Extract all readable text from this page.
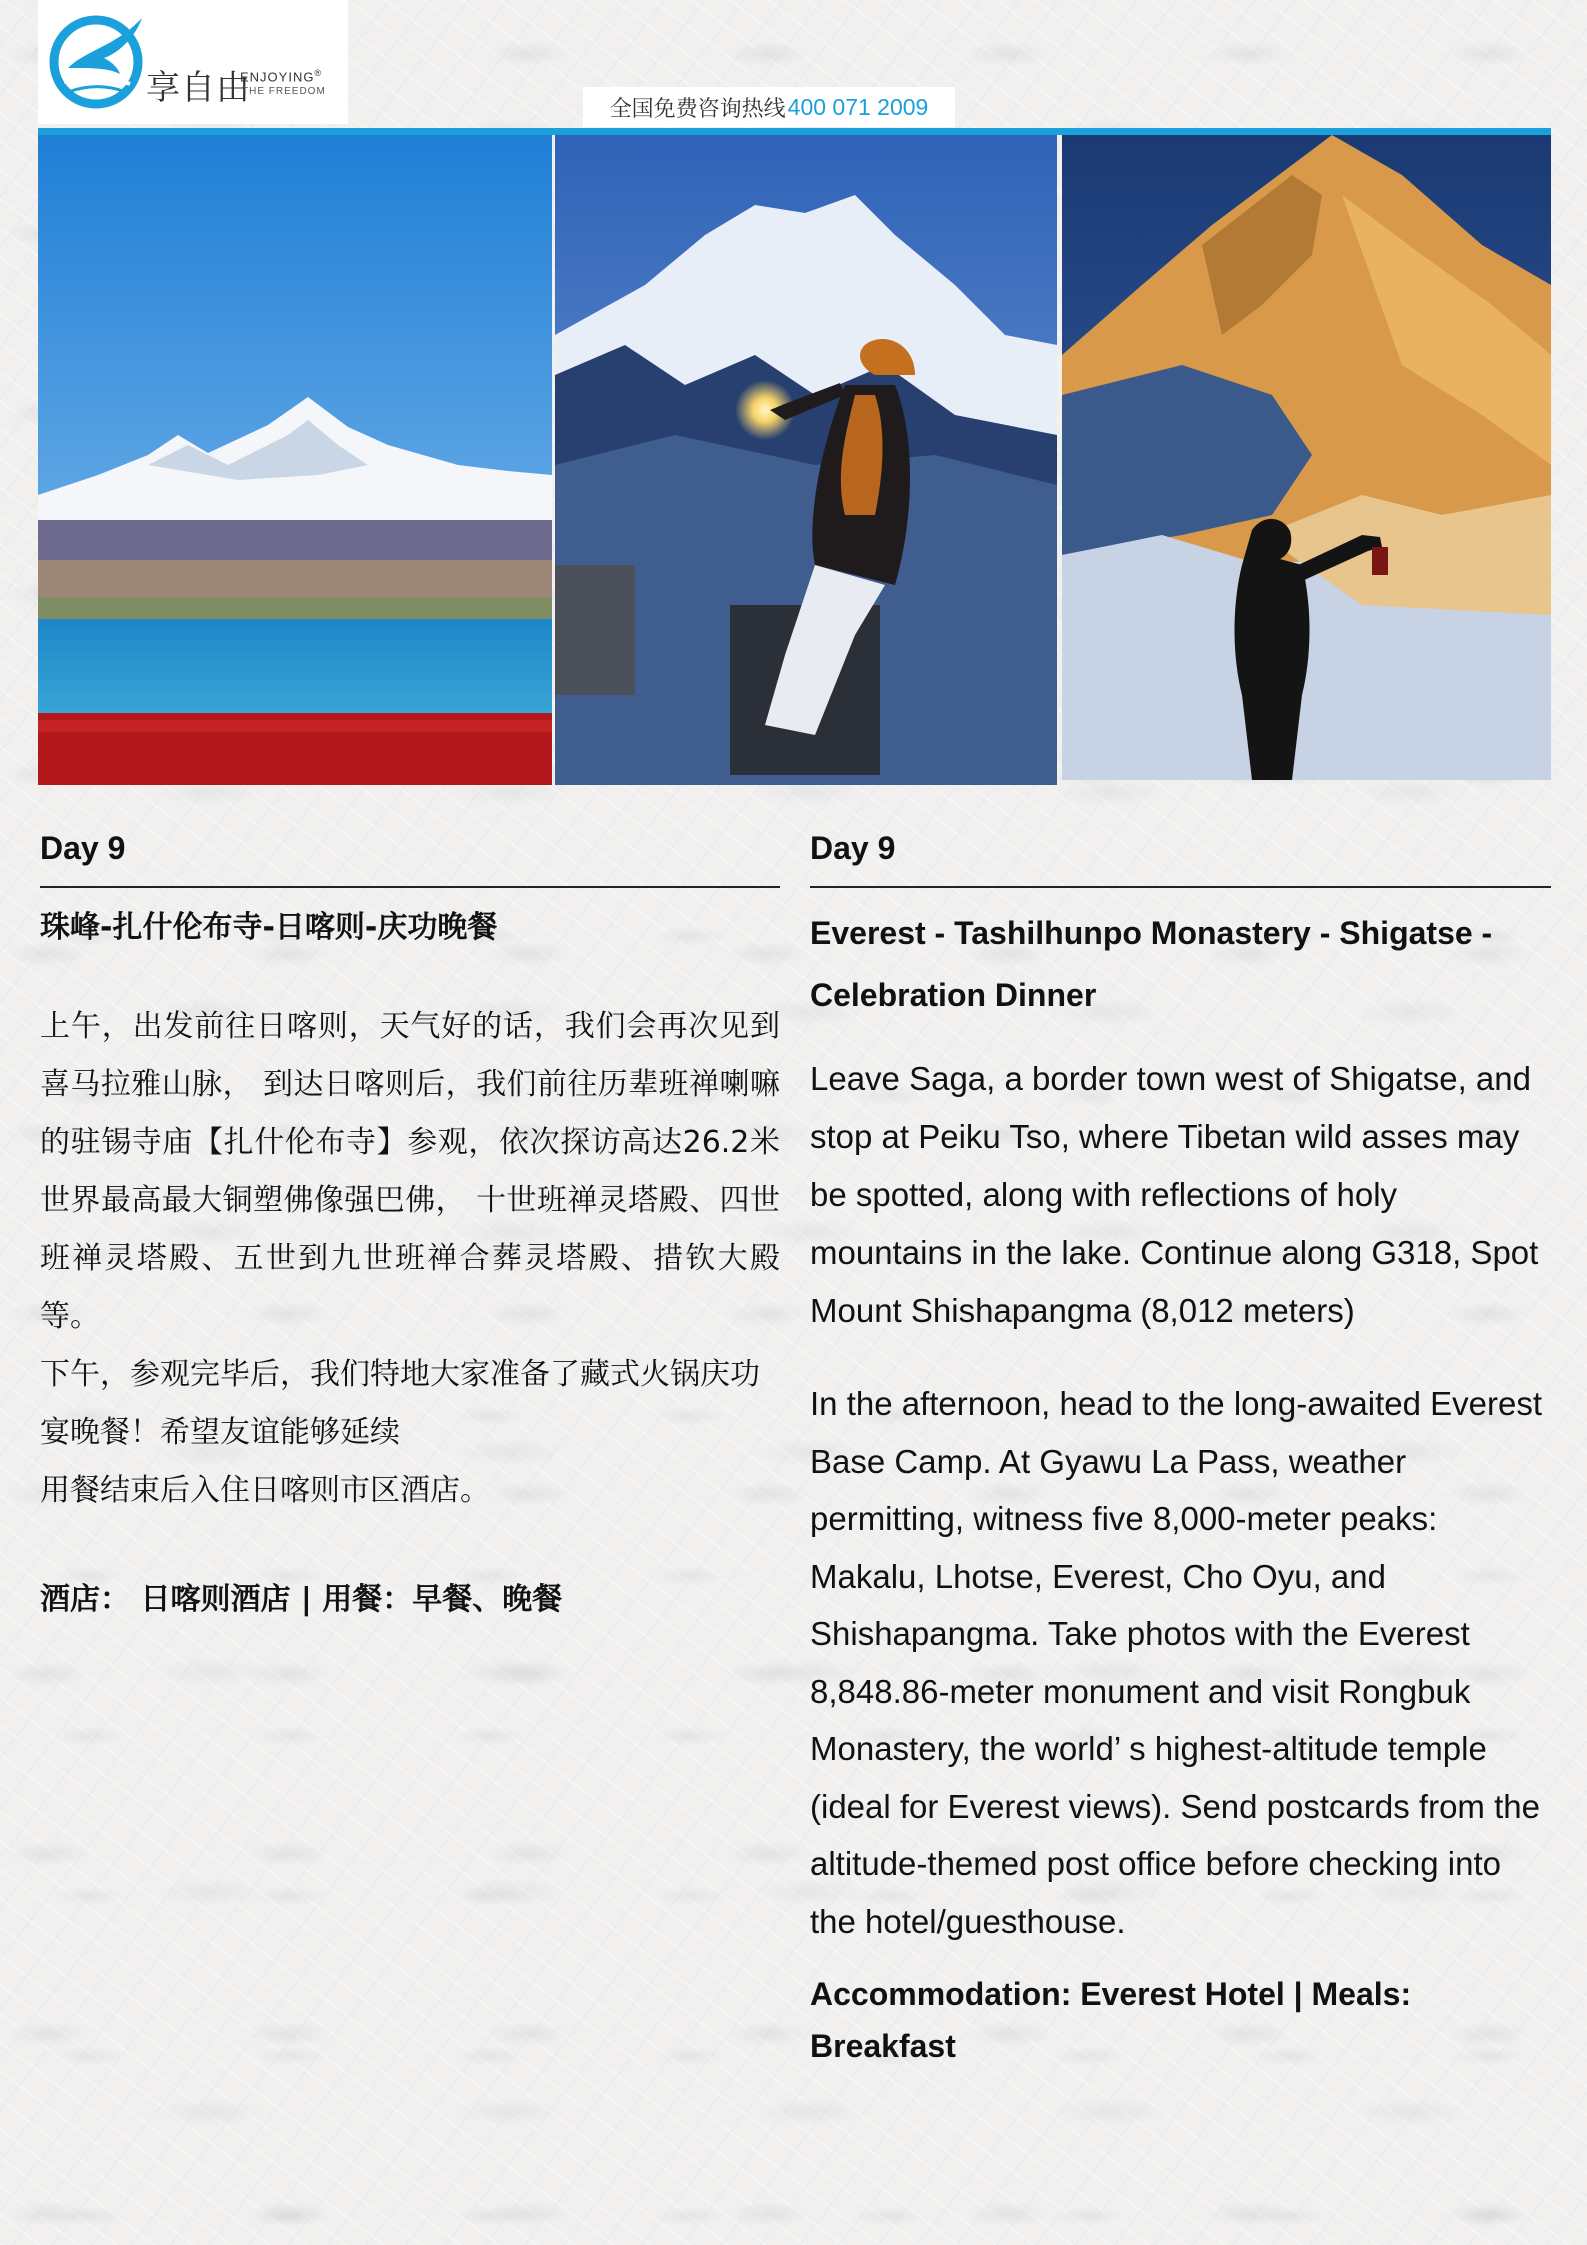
享自由
ENJOYING®
THE FREEDOM
全国免费咨询热线 400 071 2009
Day 9
珠峰-扎什伦布寺-日喀则-庆功晚餐
上午，出发前往日喀则，天气好的话，我们会再次见到喜马拉雅山脉， 到达日喀则后，我们前往历辈班禅喇嘛的驻锡寺庙【扎什伦布寺】参观，依次探访高达26.2米世界最高最大铜塑佛像强巴佛， 十世班禅灵塔殿、四世班禅灵塔殿、五世到九世班禅合葬灵塔殿、措钦大殿等。
下午，参观完毕后，我们特地大家准备了藏式火锅庆功宴晚餐！希望友谊能够延续
用餐结束后入住日喀则市区酒店。
酒店： 日喀则酒店 | 用餐：早餐、晚餐
Day 9
Everest - Tashilhunpo Monastery - Shigatse - Celebration Dinner
Leave Saga, a border town west of Shigatse, and stop at Peiku Tso, where Tibetan wild asses may be spotted, along with reflections of holy mountains in the lake. Continue along G318, Spot Mount Shishapangma (8,012 meters)
In the afternoon, head to the long-awaited Everest Base Camp. At Gyawu La Pass, weather permitting, witness five 8,000-meter peaks: Makalu, Lhotse, Everest, Cho Oyu, and Shishapangma. Take photos with the Everest 8,848.86-meter monument and visit Rongbuk Monastery, the world’ s highest-altitude temple (ideal for Everest views). Send postcards from the altitude-themed post office before checking into the hotel/guesthouse.
Accommodation: Everest Hotel | Meals: Breakfast
